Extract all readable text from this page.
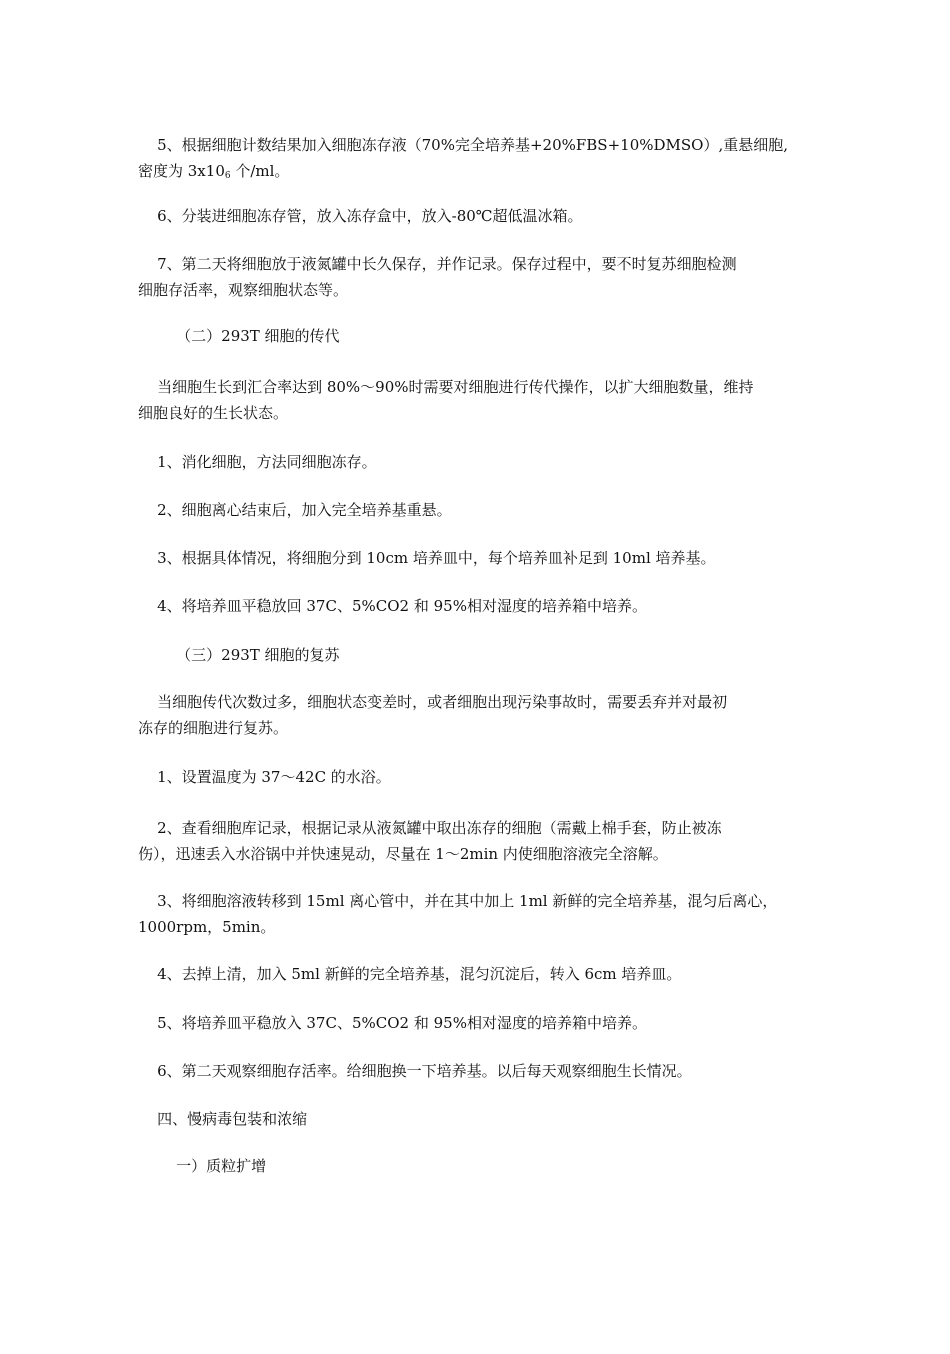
5、根据细胞计数结果加入细胞冻存液（70%完全培养基+20%FBS+10%DMSO）,重悬细胞,
密度为 $3x10_6$ 个/ml。
6、分装进细胞冻存管，放入冻存盒中，放入-80℃超低温冰箱。
7、第二天将细胞放于液氮罐中长久保存，并作记录。保存过程中，要不时复苏细胞检测
细胞存活率，观察细胞状态等。
（二）293T 细胞的传代
当细胞生长到汇合率达到 80%〜90%时需要对细胞进行传代操作，以扩大细胞数量，维持
细胞良好的生长状态。
1、消化细胞，方法同细胞冻存。
2、细胞离心结束后，加入完全培养基重悬。
3、根据具体情况，将细胞分到 10cm 培养皿中，每个培养皿补足到 10ml 培养基。
4、将培养皿平稳放回 37C、5%CO2 和 95%相对湿度的培养箱中培养。
（三）293T 细胞的复苏
当细胞传代次数过多，细胞状态变差时，或者细胞出现污染事故时，需要丢弃并对最初
冻存的细胞进行复苏。
1、设置温度为 37〜42C 的水浴。
2、查看细胞库记录，根据记录从液氮罐中取出冻存的细胞（需戴上棉手套，防止被冻
伤），迅速丢入水浴锅中并快速晃动，尽量在 1〜2min 内使细胞溶液完全溶解。
3、将细胞溶液转移到 15ml 离心管中，并在其中加上 1ml 新鲜的完全培养基，混匀后离心，
1000rpm，5min。
4、去掉上清，加入 5ml 新鲜的完全培养基，混匀沉淀后，转入 6cm 培养皿。
5、将培养皿平稳放入 37C、5%CO2 和 95%相对湿度的培养箱中培养。
6、第二天观察细胞存活率。给细胞换一下培养基。以后每天观察细胞生长情况。
四、慢病毒包装和浓缩
一）质粒扩增
